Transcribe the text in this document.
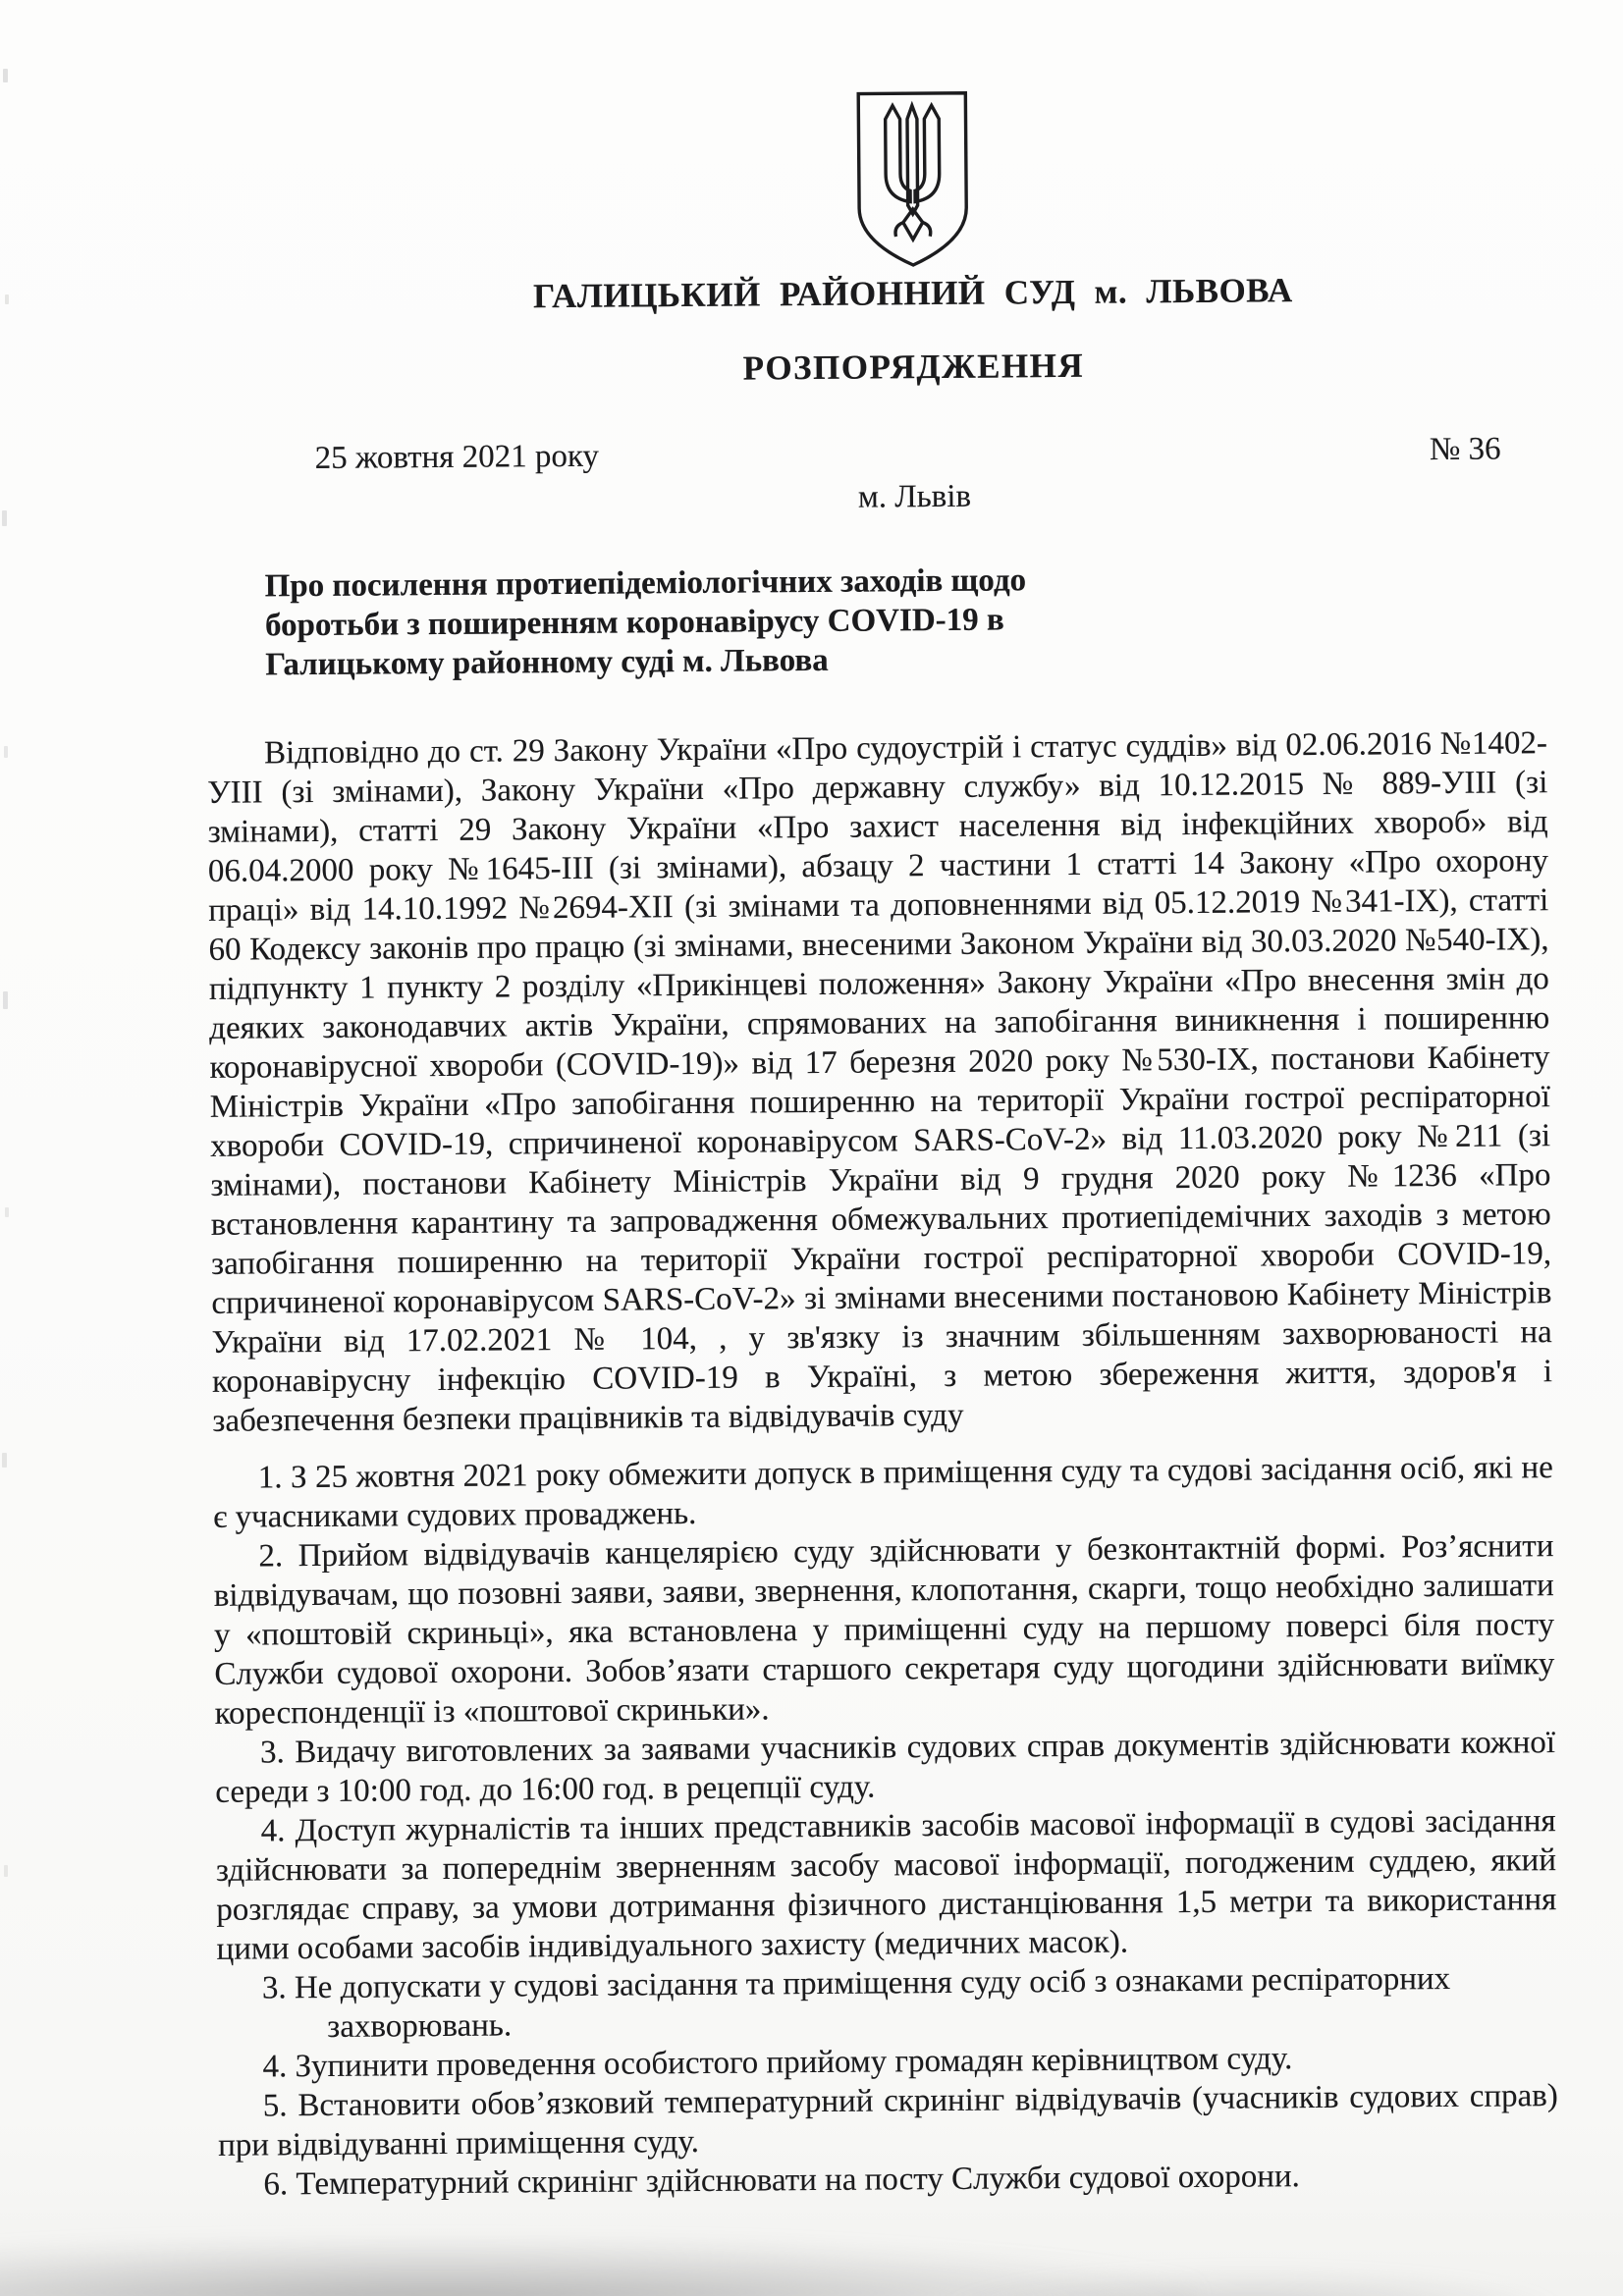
ГАЛИЦЬКИЙ РАЙОННИЙ СУД м. ЛЬВОВА
РОЗПОРЯДЖЕННЯ
25 жовтня 2021 року	№ 36
м. Львів
Про посилення протиепідеміологічних заходів щодо боротьби з поширенням коронавірусу COVID-19 в Галицькому районному суді м. Львова

Відповідно до ст. 29 Закону України «Про судоустрій і статус суддів» від 02.06.2016 №1402-УІІІ (зі змінами), Закону України «Про державну службу» від 10.12.2015 № 889-УІІІ (зі змінами), статті 29 Закону України «Про захист населення від інфекційних хвороб» від 06.04.2000 року №1645-ІІІ (зі змінами), абзацу 2 частини 1 статті 14 Закону «Про охорону праці» від 14.10.1992 №2694-ХІІ (зі змінами та доповненнями від 05.12.2019 №341-ІХ), статті 60 Кодексу законів про працю (зі змінами, внесеними Законом України від 30.03.2020 №540-ІХ), підпункту 1 пункту 2 розділу «Прикінцеві положення» Закону України «Про внесення змін до деяких законодавчих актів України, спрямованих на запобігання виникнення і поширенню коронавірусної хвороби (COVID-19)» від 17 березня 2020 року №530-ІХ, постанови Кабінету Міністрів України «Про запобігання поширенню на території України гострої респіраторної хвороби COVID-19, спричиненої коронавірусом SARS-CoV-2» від 11.03.2020 року №211 (зі змінами), постанови Кабінету Міністрів України від 9 грудня 2020 року №1236 «Про встановлення карантину та запровадження обмежувальних протиепідемічних заходів з метою запобігання поширенню на території України гострої респіраторної хвороби COVID-19, спричиненої коронавірусом SARS-CoV-2» зі змінами внесеними постановою Кабінету Міністрів України від 17.02.2021 № 104, , у зв'язку із значним збільшенням захворюваності на коронавірусну інфекцію COVID-19 в Україні, з метою збереження життя, здоров'я і забезпечення безпеки працівників та відвідувачів суду

1. З 25 жовтня 2021 року обмежити допуск в приміщення суду та судові засідання осіб, які не є учасниками судових проваджень.

2. Прийом відвідувачів канцелярією суду здійснювати у безконтактній формі. Роз’яснити відвідувачам, що позовні заяви, заяви, звернення, клопотання, скарги, тощо необхідно залишати у «поштовій скриньці», яка встановлена у приміщенні суду на першому поверсі біля посту Служби судової охорони. Зобов’язати старшого секретаря суду щогодини здійснювати виїмку кореспонденції із «поштової скриньки».

3. Видачу виготовлених за заявами учасників судових справ документів здійснювати кожної середи з 10:00 год. до 16:00 год. в рецепції суду.

4. Доступ журналістів та інших представників засобів масової інформації в судові засідання здійснювати за попереднім зверненням засобу масової інформації, погодженим суддею, який розглядає справу, за умови дотримання фізичного дистанціювання 1,5 метри та використання цими особами засобів індивідуального захисту (медичних масок).

3. Не допускати у судові засідання та приміщення суду осіб з ознаками респіраторних захворювань.

4. Зупинити проведення особистого прийому громадян керівництвом суду.

5. Встановити обов’язковий температурний скринінг відвідувачів (учасників судових справ) при відвідуванні приміщення суду.

6. Температурний скринінг здійснювати на посту Служби судової охорони.
